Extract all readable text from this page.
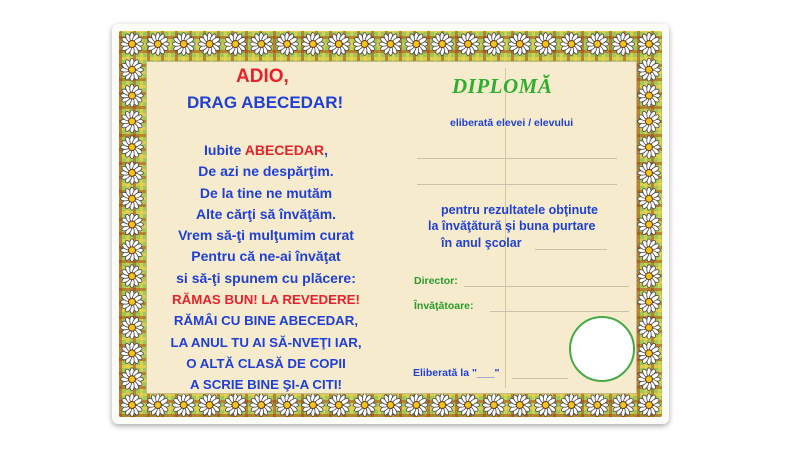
ADIO,
DRAG ABECEDAR!
Iubite ABECEDAR,
De azi ne despărţim.
De la tine ne mutăm
Alte cărţi să învăţăm.
Vrem să-ţi mulţumim curat
Pentru că ne-ai învăţat
si să-ţi spunem cu plăcere:
RĂMAS BUN! LA REVEDERE!
RĂMÂI CU BINE ABECEDAR,
LA ANUL TU AI SĂ-NVEŢI IAR,
O ALTĂ CLASĂ DE COPII
A SCRIE BINE ŞI-A CITI!
DIPLOMĂ
eliberată elevei / elevului
pentru rezultatele obţinute
la învăţătură şi buna purtare
în anul şcolar
Director:
Învăţătoare:
Eliberată la "___"
